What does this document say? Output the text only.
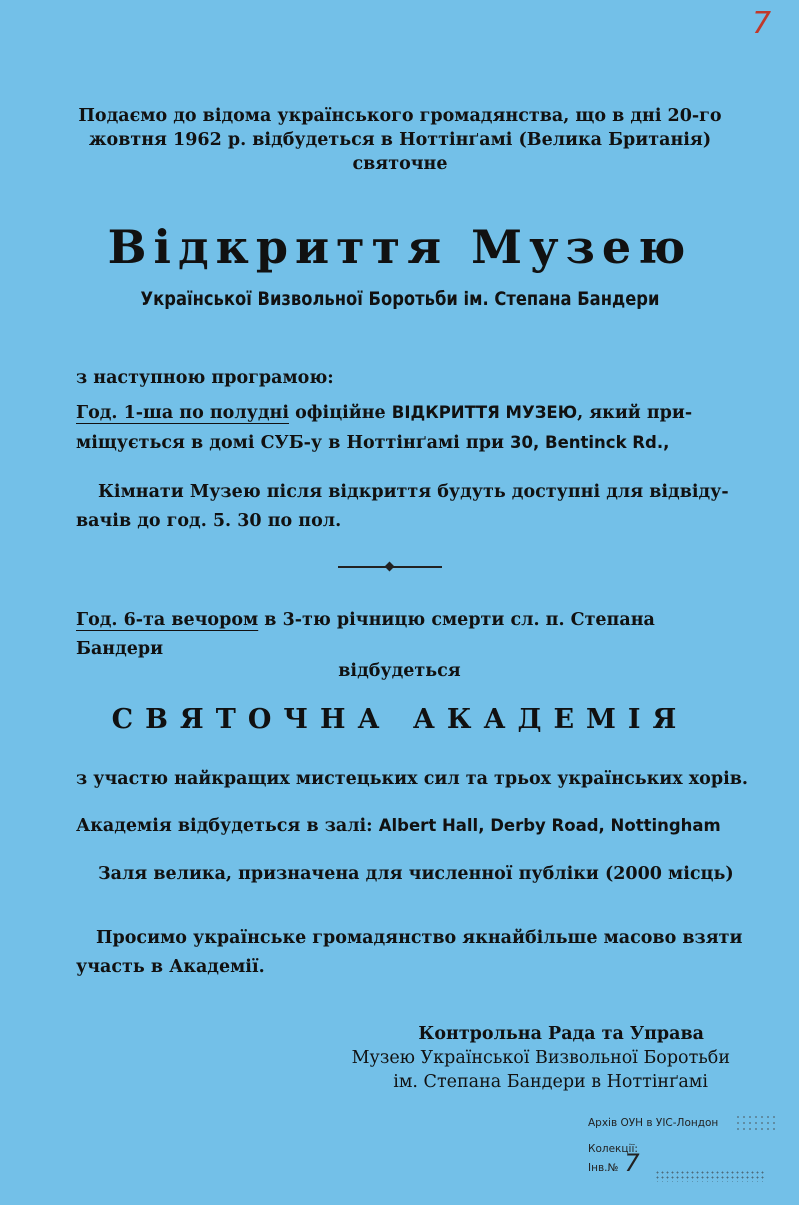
7
Подаємо до відома українського громадянства, що в дні 20-го
жовтня 1962 р. відбудеться в Ноттінґамі (Велика Британія)
святочне
Відкриття Музею
Української Визвольної Боротьби ім. Степана Бандери
з наступною програмою:
Год. 1-ша по полудні офіційне ВІДКРИТТЯ МУЗЕЮ, який при-
міщується в домі СУБ-у в Ноттінґамі при 30, Bentinck Rd.,
Кімнати Музею після відкриття будуть доступні для відвіду-
вачів до год. 5. 30 по пол.
Год. 6-та вечором в 3-тю річницю смерти сл. п. Степана Бандери
відбудеться
СВЯТОЧНА АКАДЕМІЯ
з участю найкращих мистецьких сил та трьох українських хорів.
Академія відбудеться в залі: Albert Hall, Derby Road, Nottingham
Заля велика, призначена для численної публіки (2000 місць)
Просимо українське громадянство якнайбільше масово взяти
участь в Академії.
Контрольна Рада та Управа
Музею Української Визвольної Боротьби
ім. Степана Бандери в Ноттінґамі
Архів ОУН в УІС-Лондон
Колекції:
Інв.№ 7
